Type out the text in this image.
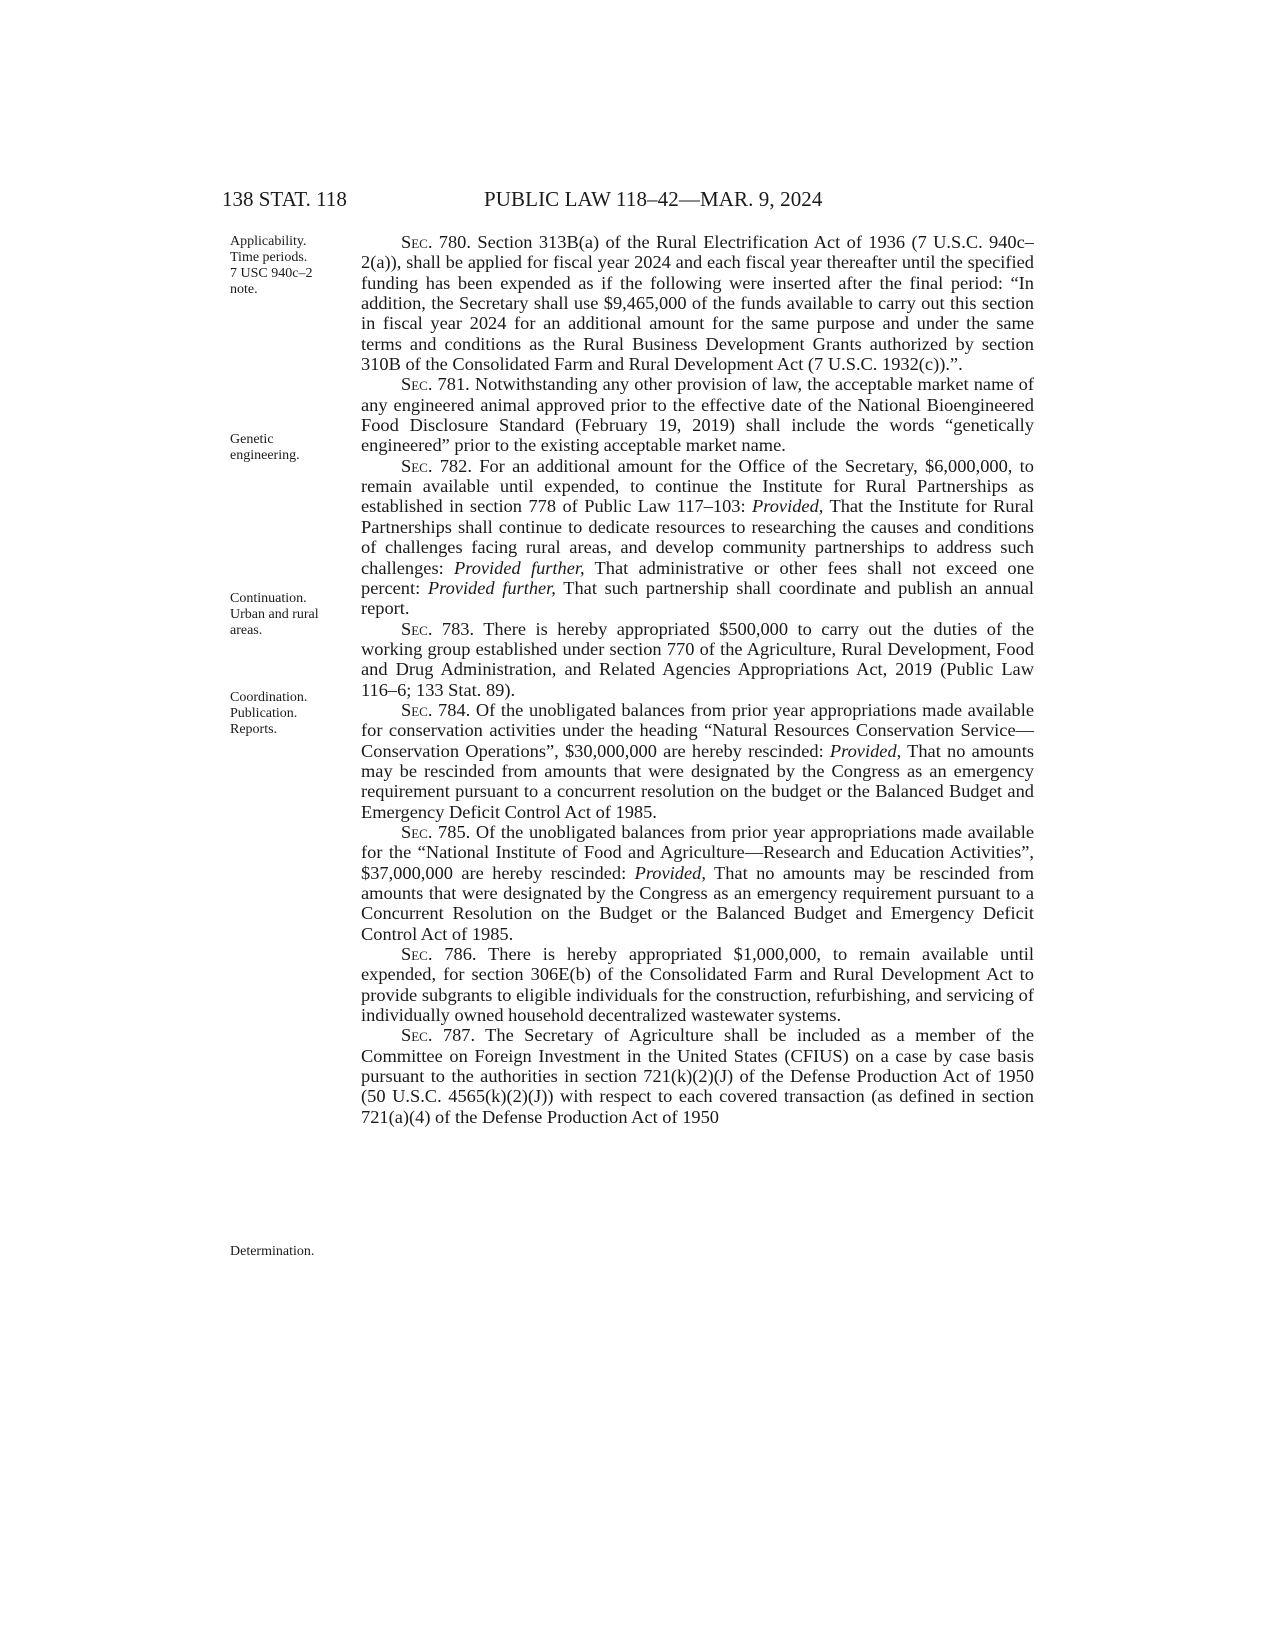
138 STAT. 118	PUBLIC LAW 118–42—MAR. 9, 2024
Applicability.
Time periods.
7 USC 940c–2
note.
Genetic
engineering.
Continuation.
Urban and rural
areas.
Coordination.
Publication.
Reports.
Determination.

Sec. 780. Section 313B(a) of the Rural Electrification Act of 1936 (7 U.S.C. 940c–2(a)), shall be applied for fiscal year 2024 and each fiscal year thereafter until the specified funding has been expended as if the following were inserted after the final period: “In addition, the Secretary shall use $9,465,000 of the funds available to carry out this section in fiscal year 2024 for an additional amount for the same purpose and under the same terms and conditions as the Rural Business Development Grants authorized by section 310B of the Consolidated Farm and Rural Development Act (7 U.S.C. 1932(c)).”.

Sec. 781. Notwithstanding any other provision of law, the acceptable market name of any engineered animal approved prior to the effective date of the National Bioengineered Food Disclosure Standard (February 19, 2019) shall include the words “genetically engineered” prior to the existing acceptable market name.

Sec. 782. For an additional amount for the Office of the Secretary, $6,000,000, to remain available until expended, to continue the Institute for Rural Partnerships as established in section 778 of Public Law 117–103: Provided, That the Institute for Rural Partnerships shall continue to dedicate resources to researching the causes and conditions of challenges facing rural areas, and develop community partnerships to address such challenges: Provided further, That administrative or other fees shall not exceed one percent: Provided further, That such partnership shall coordinate and publish an annual report.

Sec. 783. There is hereby appropriated $500,000 to carry out the duties of the working group established under section 770 of the Agriculture, Rural Development, Food and Drug Administration, and Related Agencies Appropriations Act, 2019 (Public Law 116–6; 133 Stat. 89).

Sec. 784. Of the unobligated balances from prior year appropriations made available for conservation activities under the heading “Natural Resources Conservation Service—Conservation Operations”, $30,000,000 are hereby rescinded: Provided, That no amounts may be rescinded from amounts that were designated by the Congress as an emergency requirement pursuant to a concurrent resolution on the budget or the Balanced Budget and Emergency Deficit Control Act of 1985.

Sec. 785. Of the unobligated balances from prior year appropriations made available for the “National Institute of Food and Agriculture—Research and Education Activities”, $37,000,000 are hereby rescinded: Provided, That no amounts may be rescinded from amounts that were designated by the Congress as an emergency requirement pursuant to a Concurrent Resolution on the Budget or the Balanced Budget and Emergency Deficit Control Act of 1985.

Sec. 786. There is hereby appropriated $1,000,000, to remain available until expended, for section 306E(b) of the Consolidated Farm and Rural Development Act to provide subgrants to eligible individuals for the construction, refurbishing, and servicing of individually owned household decentralized wastewater systems.

Sec. 787. The Secretary of Agriculture shall be included as a member of the Committee on Foreign Investment in the United States (CFIUS) on a case by case basis pursuant to the authorities in section 721(k)(2)(J) of the Defense Production Act of 1950 (50 U.S.C. 4565(k)(2)(J)) with respect to each covered transaction (as defined in section 721(a)(4) of the Defense Production Act of 1950
